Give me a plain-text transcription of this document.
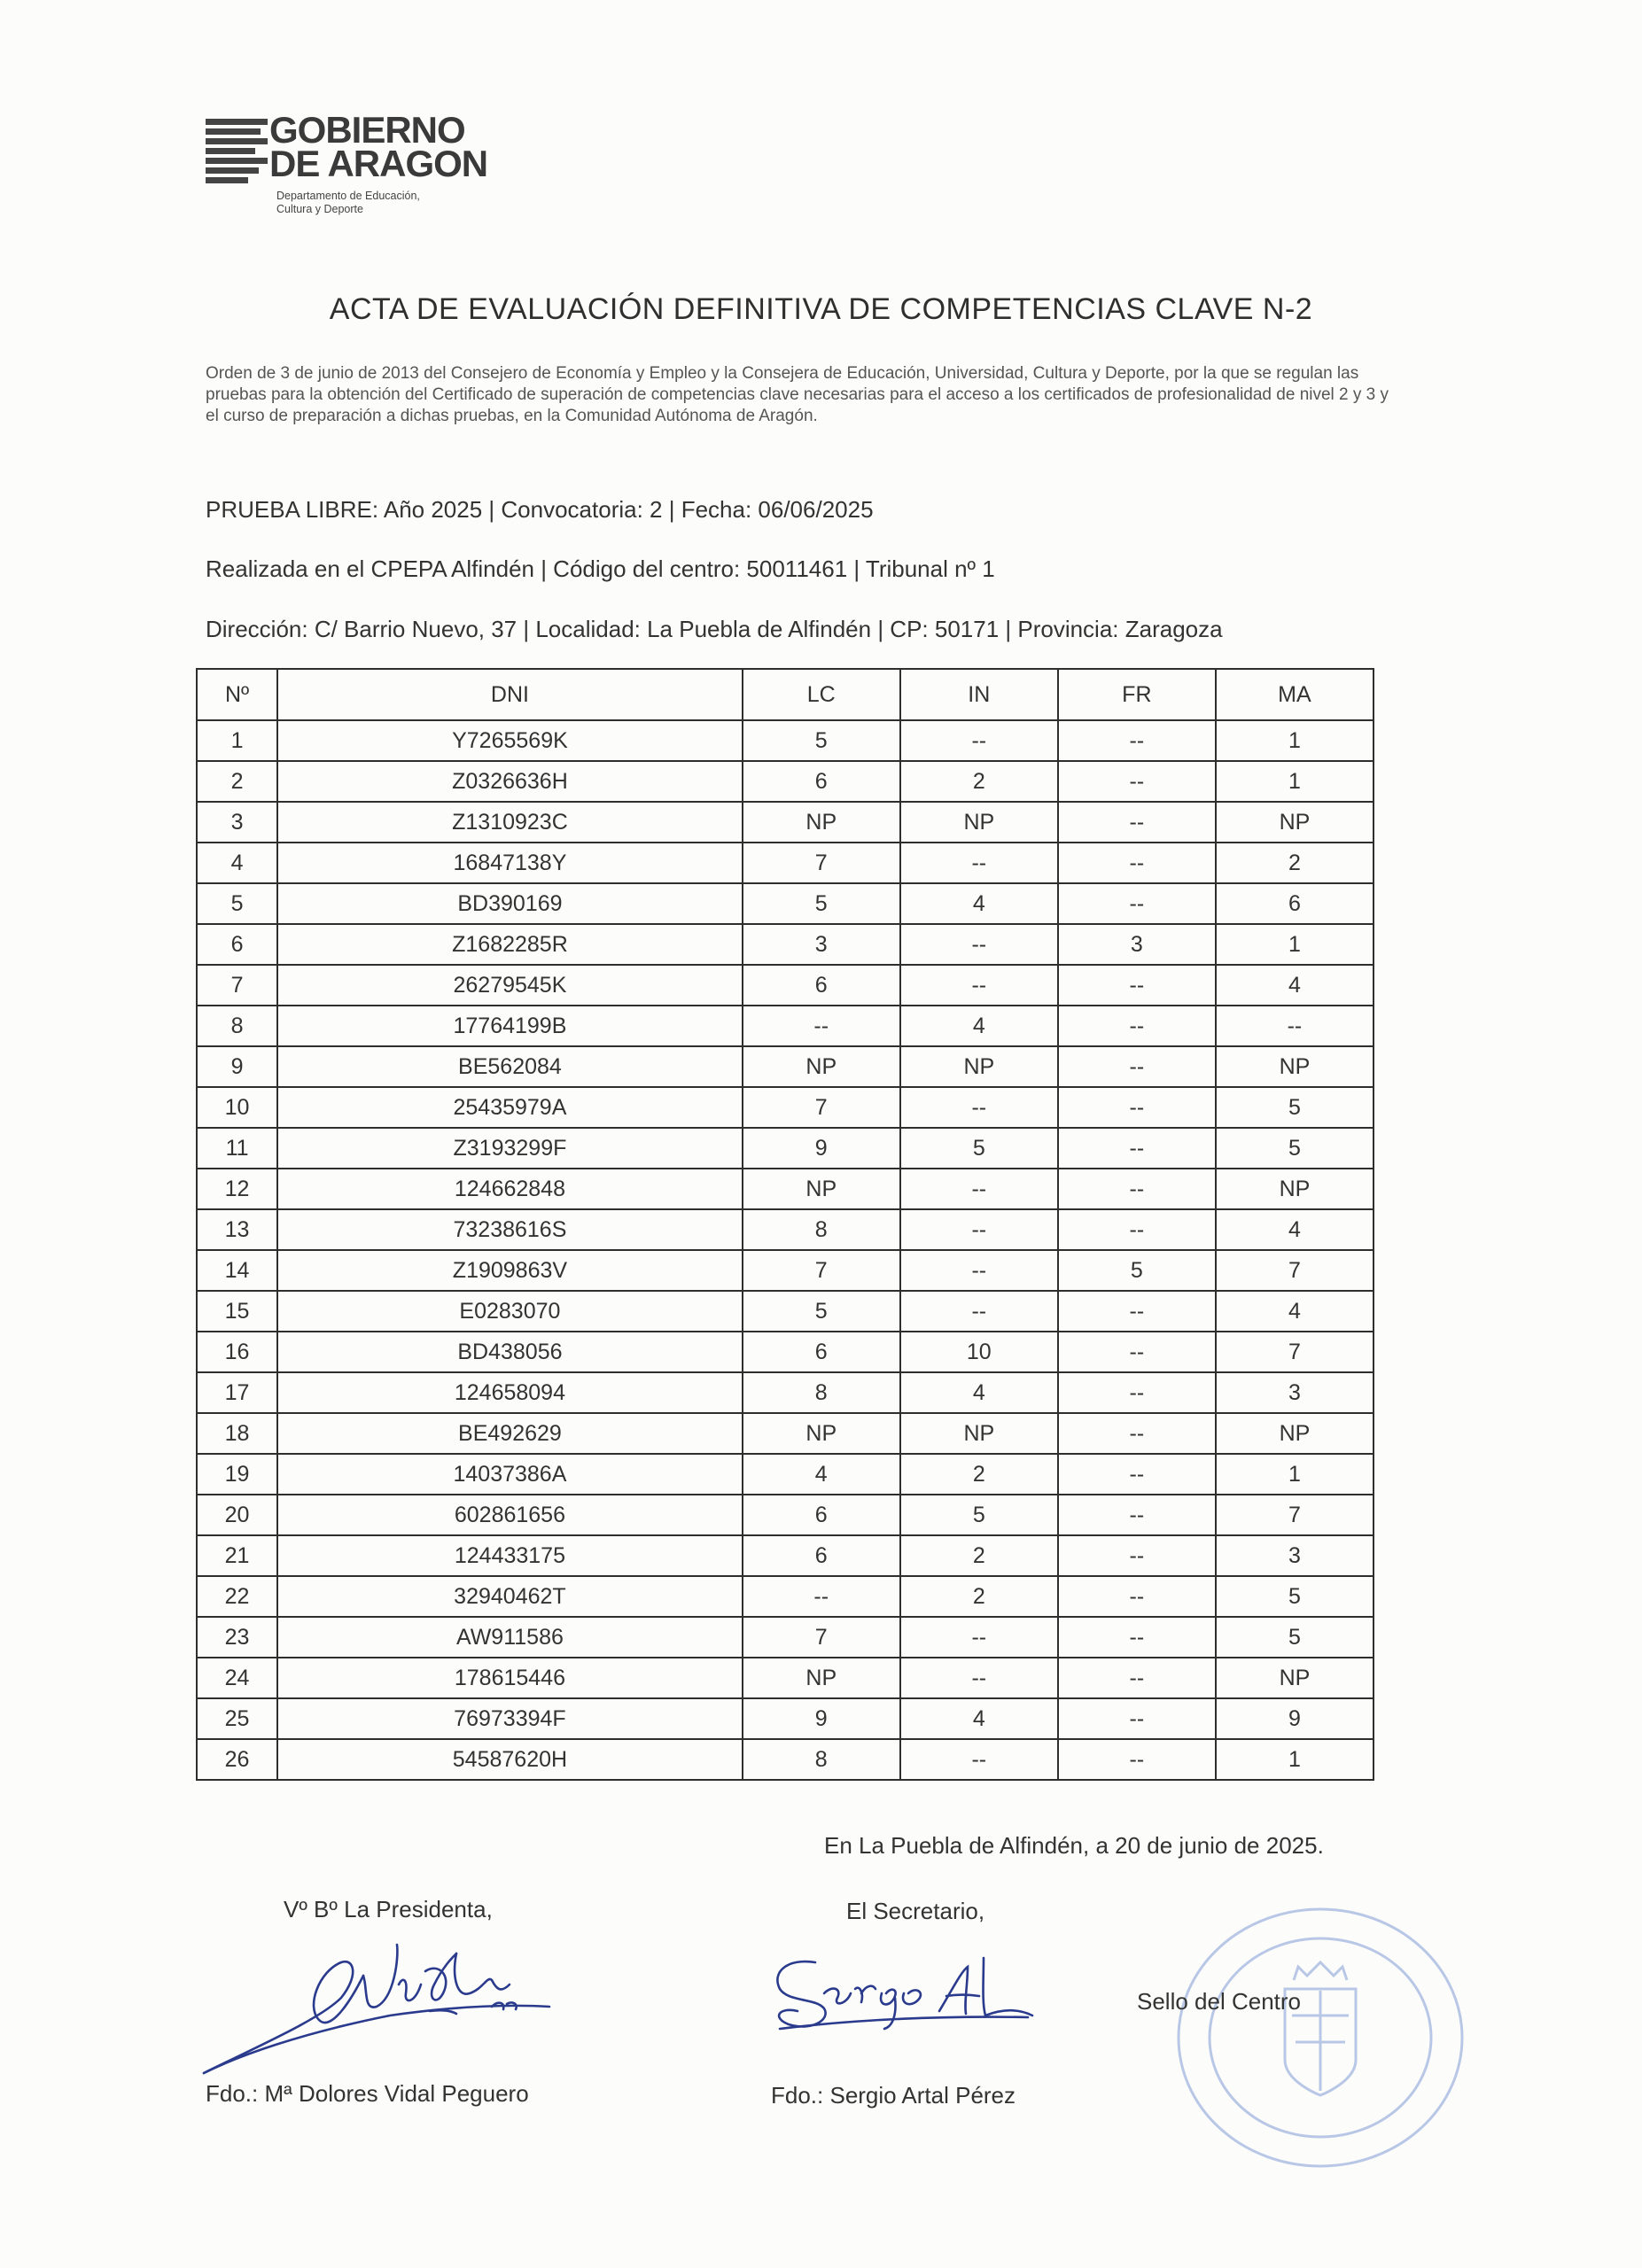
GOBIERNO
DE ARAGON
Departamento de Educación,
Cultura y Deporte
ACTA DE EVALUACIÓN DEFINITIVA DE COMPETENCIAS CLAVE N-2
Orden de 3 de junio de 2013 del Consejero de Economía y Empleo y la Consejera de Educación, Universidad, Cultura y Deporte, por la que se regulan las pruebas para la obtención del Certificado de superación de competencias clave necesarias para el acceso a los certificados de profesionalidad de nivel 2 y 3 y el curso de preparación a dichas pruebas, en la Comunidad Autónoma de Aragón.
PRUEBA LIBRE: Año 2025 | Convocatoria: 2 | Fecha: 06/06/2025
Realizada en el CPEPA Alfindén | Código del centro: 50011461 | Tribunal nº 1
Dirección: C/ Barrio Nuevo, 37 | Localidad: La Puebla de Alfindén | CP: 50171 | Provincia: Zaragoza
Nº	DNI	LC	IN	FR	MA
1	Y7265569K	5	--	--	1
2	Z0326636H	6	2	--	1
3	Z1310923C	NP	NP	--	NP
4	16847138Y	7	--	--	2
5	BD390169	5	4	--	6
6	Z1682285R	3	--	3	1
7	26279545K	6	--	--	4
8	17764199B	--	4	--	--
9	BE562084	NP	NP	--	NP
10	25435979A	7	--	--	5
11	Z3193299F	9	5	--	5
12	124662848	NP	--	--	NP
13	73238616S	8	--	--	4
14	Z1909863V	7	--	5	7
15	E0283070	5	--	--	4
16	BD438056	6	10	--	7
17	124658094	8	4	--	3
18	BE492629	NP	NP	--	NP
19	14037386A	4	2	--	1
20	602861656	6	5	--	7
21	124433175	6	2	--	3
22	32940462T	--	2	--	5
23	AW911586	7	--	--	5
24	178615446	NP	--	--	NP
25	76973394F	9	4	--	9
26	54587620H	8	--	--	1
En La Puebla de Alfindén, a 20 de junio de 2025.
Vº Bº La Presidenta,	El Secretario,
Sello del Centro
Fdo.: Mª Dolores Vidal Peguero	Fdo.: Sergio Artal Pérez
